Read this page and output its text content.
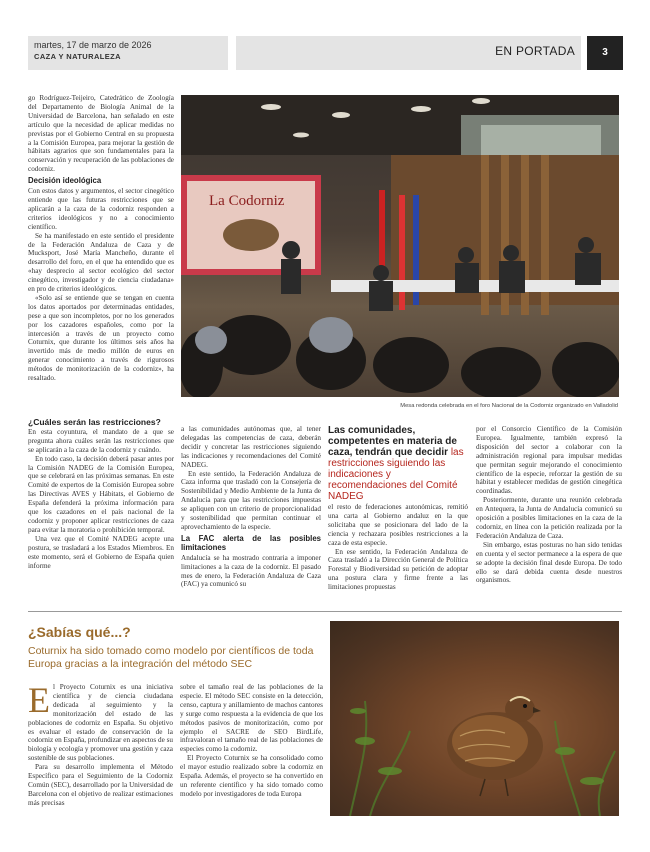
martes, 17 de marzo de 2026
CAZA Y NATURALEZA	EN PORTADA	3

go Rodríguez-Teijeiro, Catedrático de Zoología del Departamento de Biología Animal de la Universidad de Barcelona, han señalado en este artículo que la necesidad de aplicar medidas no previstas por el Gobierno Central en su propuesta a la Comisión Europea, para mejorar la gestión de hábitats agrarios que son fundamentales para la conservación y recuperación de las poblaciones de codorniz.

Decisión ideológica

Con estos datos y argumentos, el sector cinegético entiende que las futuras restricciones que se aplicarán a la caza de la codorniz responden a criterios ideológicos y no a conocimiento científico.

Se ha manifestado en este sentido el presidente de la Federación Andaluza de Caza y de Mucksport, José María Mancheño, durante el desarrollo del foro, en el que ha entendido que es «hay desprecio al sector ecológico del sector cinegético, investigador y de ciencia ciudadana» en pro de criterios ideológicos.

«Solo así se entiende que se tengan en cuenta los datos aportados por determinadas entidades, pese a que son incompletos, por no los generados por los cazadores españoles, como por la intercesión a través de un proyecto como Coturnix, que durante los últimos seis años ha invertido más de medio millón de euros en generar conocimiento a través de rigurosos métodos de monitorización de la codorniz», ha resaltado.

La Codorniz
Mesa redonda celebrada en el foro Nacional de la Codorniz organizado en Valladolid
¿Cuáles serán las restricciones?

En esta coyuntura, el mandato de a que se pregunta ahora cuáles serán las restricciones que se aplicarán a la caza de la codorniz y cuándo.

En todo caso, la decisión deberá pasar antes por la Comisión NADEG de la Comisión Europea, que se celebrará en las próximas semanas. En este Comité de expertos de la Comisión Europea sobre las Directivas AVES y Hábitats, el Gobierno de España defenderá la próxima información para que los cazadores en el país nacional de la codorniz y proponer aplicar restricciones de caza para evitar la moratoria o prohibición temporal.

Una vez que el Comité NADEG acepte una postura, se trasladará a los Estados Miembros. En este momento, será el Gobierno de España quien informe

a las comunidades autónomas que, al tener delegadas las competencias de caza, deberán decidir y concretar las restricciones siguiendo las indicaciones y recomendaciones del Comité NADEG.

En este sentido, la Federación Andaluza de Caza informa que trasladó con la Consejería de Sostenibilidad y Medio Ambiente de la Junta de Andalucía para que las restricciones impuestas se apliquen con un criterio de proporcionalidad y sostenibilidad que permitan continuar el aprovechamiento de la especie.

La FAC alerta de las posibles limitaciones

Andalucía se ha mostrado contraria a imponer limitaciones a la caza de la codorniz. El pasado mes de enero, la Federación Andaluza de Caza (FAC) ya comunicó su

Las comunidades, competentes en materia de caza, tendrán que decidir las restricciones siguiendo las indicaciones y recomendaciones del Comité NADEG

el resto de federaciones autonómicas, remitió una carta al Gobierno andaluz en la que solicitaba que se posicionara del lado de la ciencia y rechazara posibles restricciones a la caza de esta especie.

En ese sentido, la Federación Andaluza de Caza trasladó a la Dirección General de Política Forestal y Biodiversidad su petición de adoptar una postura clara y firme frente a las limitaciones propuestas

por el Consorcio Científico de la Comisión Europea. Igualmente, también expresó la disposición del sector a colaborar con la administración regional para impulsar medidas que permitan seguir mejorando el conocimiento científico de la especie, reforzar la gestión de su hábitat y establecer medidas de gestión cinegética coordinadas.

Posteriormente, durante una reunión celebrada en Antequera, la Junta de Andalucía comunicó su oposición a posibles limitaciones en la caza de la codorniz, en línea con la petición realizada por la Federación Andaluza de Caza.

Sin embargo, estas posturas no han sido tenidas en cuenta y el sector permanece a la espera de que se adopte la decisión final desde Europa. De todo ello se dará debida cuenta desde nuestros organismos.

¿Sabías qué...?
Coturnix ha sido tomado como modelo por científicos de toda Europa gracias a la integración del método SEC
E l Proyecto Coturnix es una iniciativa científica y de ciencia ciudadana dedicada al seguimiento y la monitorización del estado de las poblaciones de codorniz en España. Su objetivo es evaluar el estado de conservación de la codorniz en España, profundizar en aspectos de su biología y ecología y promover una gestión y caza sostenible de sus poblaciones.

Para su desarrollo implementa el Método Específico para el Seguimiento de la Codorniz Común (SEC), desarrollado por la Universidad de Barcelona con el objetivo de realizar estimaciones más precisas

sobre el tamaño real de las poblaciones de la especie. El método SEC consiste en la detección, censo, captura y anillamiento de machos cantores y surge como respuesta a la evidencia de que los métodos pasivos de monitorización, como por ejemplo el SACRE de SEO BirdLife, infravaloran el tamaño real de las poblaciones de especies como la codorniz.

El Proyecto Coturnix se ha consolidado como el mayor estudio realizado sobre la codorniz en España. Además, el proyecto se ha convertido en un referente científico y ha sido tomado como modelo por investigadores de toda Europa
